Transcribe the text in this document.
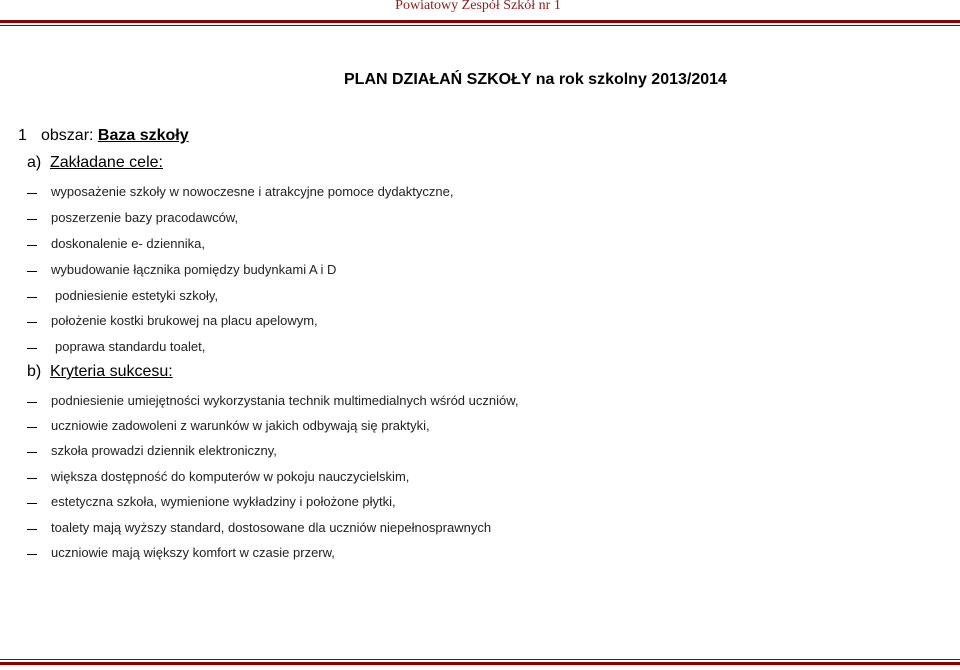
Powiatowy Zespół Szkół nr 1
PLAN DZIAŁAŃ SZKOŁY na rok szkolny 2013/2014
1 obszar: Baza szkoły
a) Zakładane cele:
wyposażenie szkoły w nowoczesne i atrakcyjne pomoce dydaktyczne,
poszerzenie bazy pracodawców,
doskonalenie e- dziennika,
wybudowanie łącznika pomiędzy budynkami A i D
podniesienie estetyki szkoły,
położenie kostki brukowej na placu apelowym,
poprawa standardu toalet,
b) Kryteria sukcesu:
podniesienie umiejętności wykorzystania technik multimedialnych wśród uczniów,
uczniowie zadowoleni z warunków w jakich odbywają się praktyki,
szkoła prowadzi dziennik elektroniczny,
większa dostępność do komputerów w pokoju nauczycielskim,
estetyczna szkoła, wymienione wykładziny i położone płytki,
toalety mają wyższy standard, dostosowane dla uczniów niepełnosprawnych
uczniowie mają większy komfort w czasie przerw,
